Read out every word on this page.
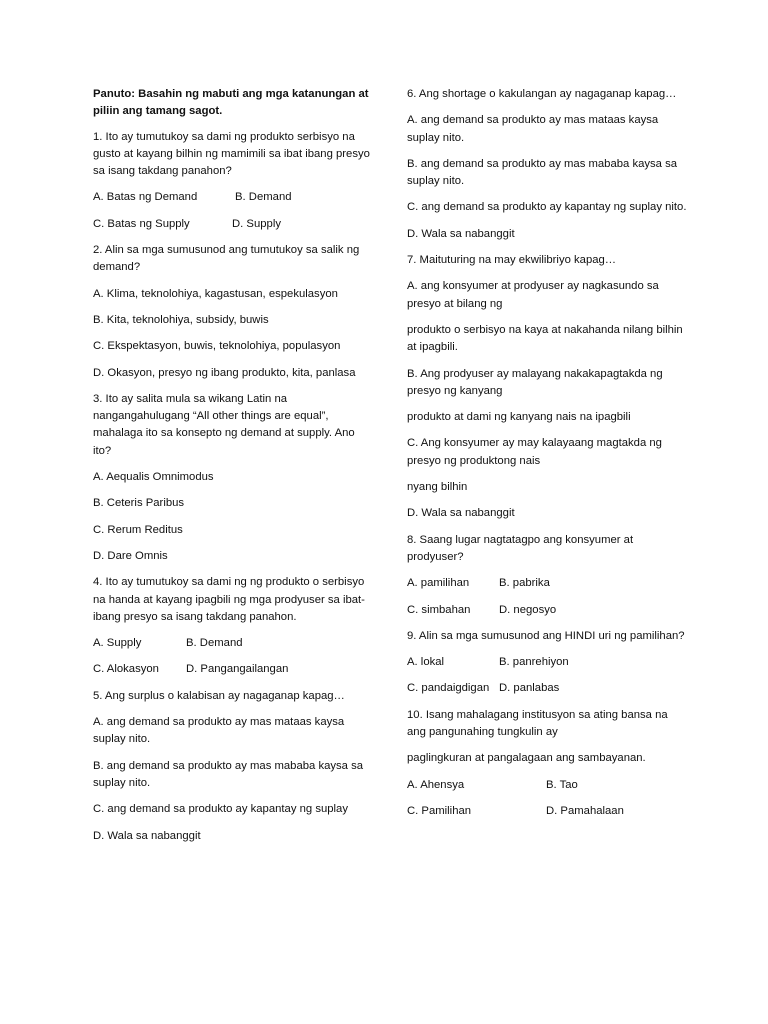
Panuto: Basahin ng mabuti ang mga katanungan at piliin ang tamang sagot.
1. Ito ay tumutukoy sa dami ng produkto serbisyo na gusto at kayang bilhin ng mamimili sa ibat ibang presyo sa isang takdang panahon?
A. Batas ng Demand	B. Demand
C. Batas ng Supply	D. Supply
2. Alin sa mga sumusunod ang tumutukoy sa salik ng demand?
A. Klima, teknolohiya, kagastusan, espekulasyon
B. Kita, teknolohiya, subsidy, buwis
C. Ekspektasyon, buwis, teknolohiya, populasyon
D. Okasyon, presyo ng ibang produkto, kita, panlasa
3. Ito ay salita mula sa wikang Latin na nangangahulugang “All other things are equal”, mahalaga ito sa konsepto ng demand at supply. Ano ito?
A. Aequalis Omnimodus
B. Ceteris Paribus
C. Rerum Reditus
D. Dare Omnis
4. Ito ay tumutukoy sa dami ng ng produkto o serbisyo na handa at kayang ipagbili ng mga prodyuser sa ibat-ibang presyo sa isang takdang panahon.
A. Supply	B. Demand
C. Alokasyon	D. Pangangailangan
5. Ang surplus o kalabisan ay nagaganap kapag…
A. ang demand sa produkto ay mas mataas kaysa suplay nito.
B. ang demand sa produkto ay mas mababa kaysa sa suplay nito.
C. ang demand sa produkto ay kapantay ng suplay
D. Wala sa nabanggit
6. Ang shortage o kakulangan ay nagaganap kapag…
A. ang demand sa produkto ay mas mataas kaysa suplay nito.
B. ang demand sa produkto ay mas mababa kaysa sa suplay nito.
C. ang demand sa produkto ay kapantay ng suplay nito.
D. Wala sa nabanggit
7. Maituturing na may ekwilibriyo kapag…
A. ang konsyumer at prodyuser ay nagkasundo sa presyo at bilang ng
produkto o serbisyo na kaya at nakahanda nilang bilhin at ipagbili.
B. Ang prodyuser ay malayang nakakapagtakda ng presyo ng kanyang
produkto at dami ng kanyang nais na ipagbili
C. Ang konsyumer ay may kalayaang magtakda ng presyo ng produktong nais
nyang bilhin
D. Wala sa nabanggit
8. Saang lugar nagtatagpo ang konsyumer at prodyuser?
A. pamilihan	B. pabrika
C. simbahan	D. negosyo
9. Alin sa mga sumusunod ang HINDI uri ng pamilihan?
A. lokal	B. panrehiyon
C. pandaigdigan D. panlabas
10. Isang mahalagang institusyon sa ating bansa na ang pangunahing tungkulin ay
paglingkuran at pangalagaan ang sambayanan.
A. Ahensya	B. Tao
C. Pamilihan	D. Pamahalaan
